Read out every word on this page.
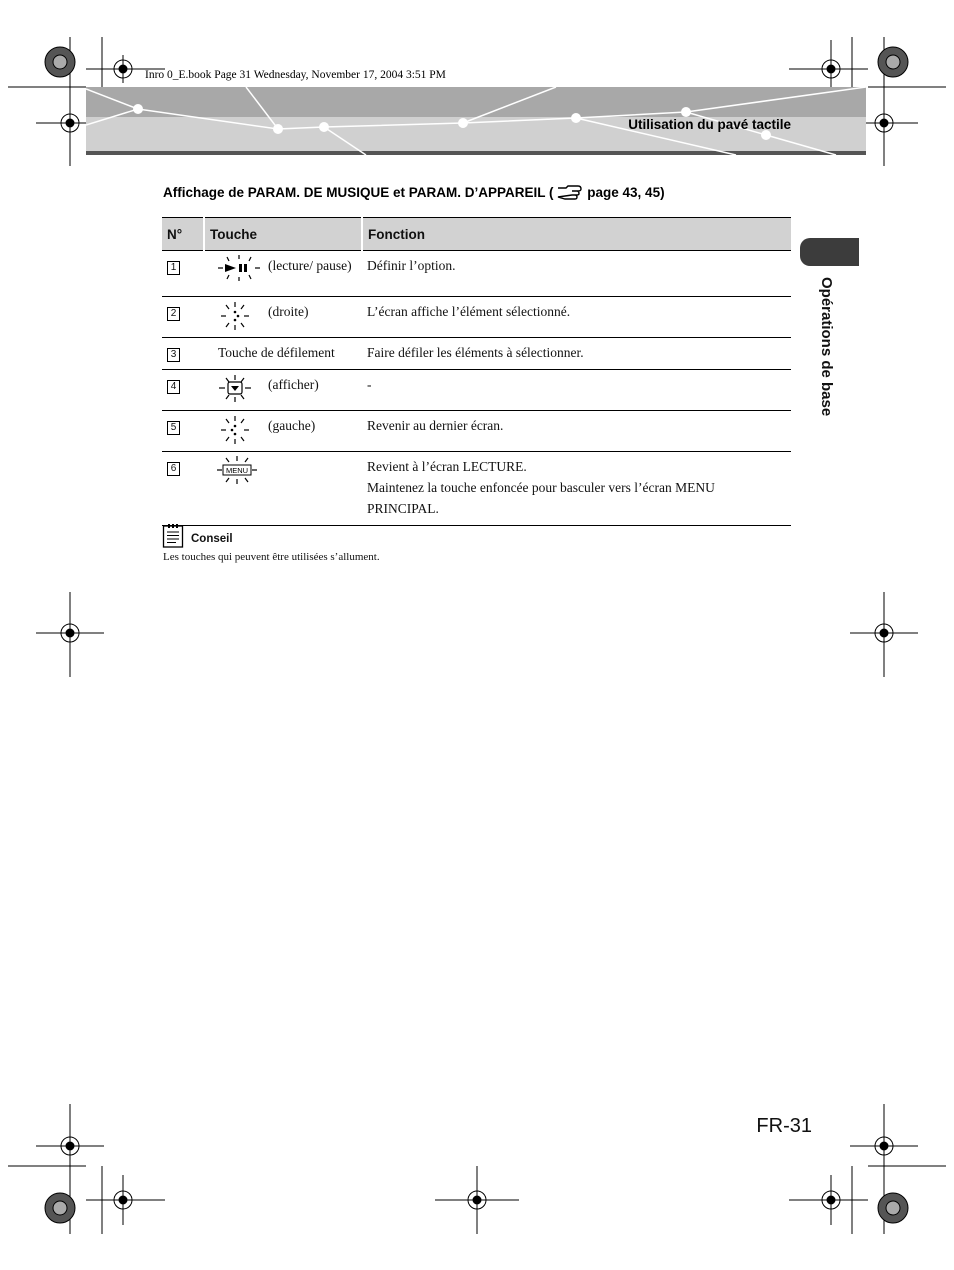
Inro 0_E.book Page 31 Wednesday, November 17, 2004 3:51 PM
Utilisation du pavé tactile
Affichage de PARAM. DE MUSIQUE et PARAM. D’APPAREIL ( page 43, 45)
N°	Touche	Fonction
1	(lecture/ pause)	Définir l’option.

2	(droite)	L’écran affiche l’élément sélectionné.

3	Touche de défilement	Faire défiler les éléments à sélectionner.

4	(afficher)	-

5	(gauche)	Revenir au dernier écran.

6	MENU	Revient à l’écran LECTURE.
Maintenez la touche enfoncée pour basculer vers l’écran MENU PRINCIPAL.
Conseil
Les touches qui peuvent être utilisées s’allument.
Opérations de base
FR-31
